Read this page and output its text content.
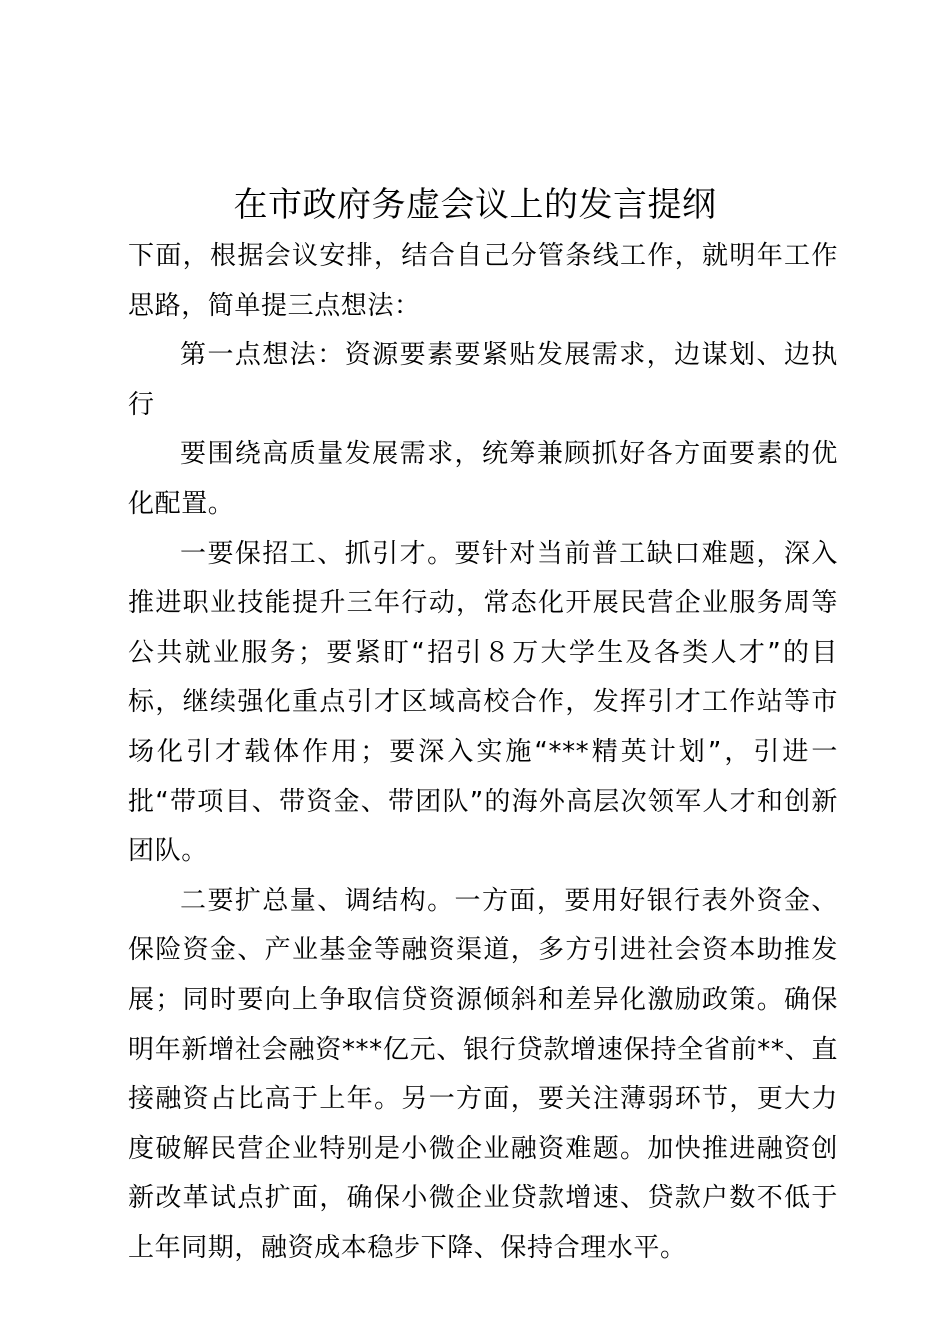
在市政府务虚会议上的发言提纲

下面，根据会议安排，结合自己分管条线工作，就明年工作思路，简单提三点想法：

第一点想法：资源要素要紧贴发展需求，边谋划、边执行

要围绕高质量发展需求，统筹兼顾抓好各方面要素的优化配置。

一要保招工、抓引才。要针对当前普工缺口难题，深入推进职业技能提升三年行动，常态化开展民营企业服务周等公共就业服务；要紧盯“招引８万大学生及各类人才”的目标，继续强化重点引才区域高校合作，发挥引才工作站等市场化引才载体作用；要深入实施“***精英计划”，引进一批“带项目、带资金、带团队”的海外高层次领军人才和创新团队。

二要扩总量、调结构。一方面，要用好银行表外资金、保险资金、产业基金等融资渠道，多方引进社会资本助推发展；同时要向上争取信贷资源倾斜和差异化激励政策。确保明年新增社会融资***亿元、银行贷款增速保持全省前**、直接融资占比高于上年。另一方面，要关注薄弱环节，更大力度破解民营企业特别是小微企业融资难题。加快推进融资创新改革试点扩面，确保小微企业贷款增速、贷款户数不低于上年同期，融资成本稳步下降、保持合理水平。
